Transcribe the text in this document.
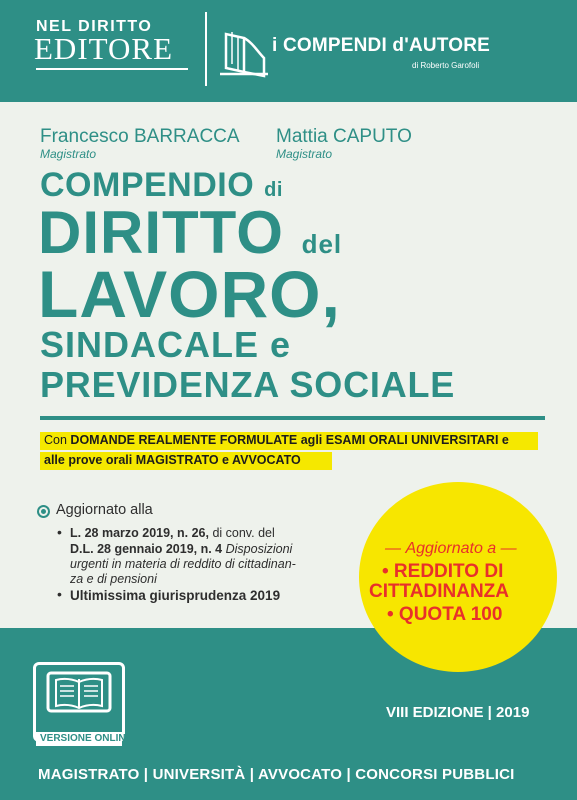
NEL DIRITTO
EDITORE	i COMPENDI d'AUTORE
di Roberto Garofoli
Francesco BARRACCA
Magistrato
Mattia CAPUTO
Magistrato
COMPENDIO di
DIRITTO del
LAVORO,
SINDACALE e
PREVIDENZA SOCIALE
Con DOMANDE REALMENTE FORMULATE agli ESAMI ORALI UNIVERSITARI e
alle prove orali MAGISTRATO e AVVOCATO
Aggiornato alla
• L. 28 marzo 2019, n. 26, di conv. del
D.L. 28 gennaio 2019, n. 4 Disposizioni
urgenti in materia di reddito di cittadinan-
za e di pensioni
• Ultimissima giurisprudenza 2019
— Aggiornato a —
• REDDITO DI
CITTADINANZA
• QUOTA 100
VERSIONE ONLINE
VIII EDIZIONE | 2019
MAGISTRATO | UNIVERSITÀ | AVVOCATO | CONCORSI PUBBLICI
